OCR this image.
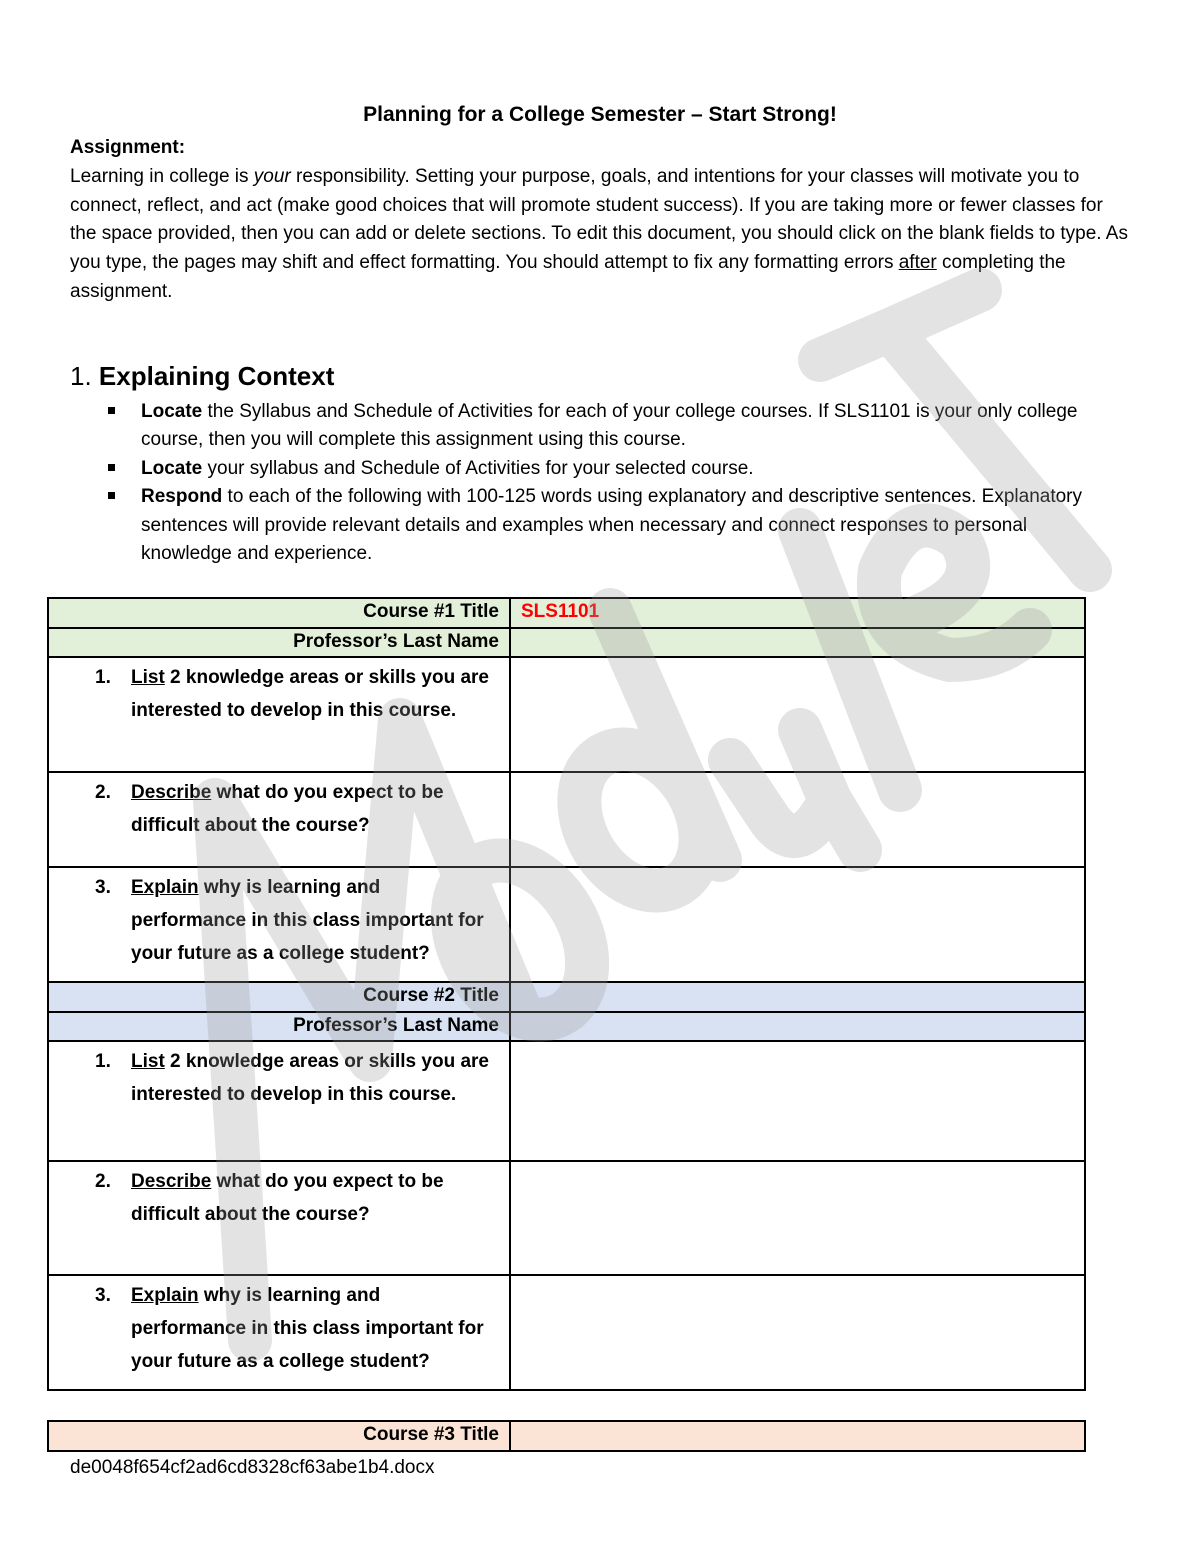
Planning for a College Semester – Start Strong!
Assignment:
Learning in college is your responsibility. Setting your purpose, goals, and intentions for your classes will motivate you to connect, reflect, and act (make good choices that will promote student success). If you are taking more or fewer classes for the space provided, then you can add or delete sections. To edit this document, you should click on the blank fields to type. As you type, the pages may shift and effect formatting. You should attempt to fix any formatting errors after completing the assignment.
1. Explaining Context
Locate the Syllabus and Schedule of Activities for each of your college courses. If SLS1101 is your only college course, then you will complete this assignment using this course.
Locate your syllabus and Schedule of Activities for your selected course.
Respond to each of the following with 100-125 words using explanatory and descriptive sentences. Explanatory sentences will provide relevant details and examples when necessary and connect responses to personal knowledge and experience.
Course #1 Title	SLS1101
Professor’s Last Name	

1. List 2 knowledge areas or skills you are interested to develop in this course.	

2. Describe what do you expect to be difficult about the course?	

3. Explain why is learning and performance in this class important for your future as a college student?	

Course #2 Title	
Professor’s Last Name	

1. List 2 knowledge areas or skills you are interested to develop in this course.	

2. Describe what do you expect to be difficult about the course?	

3. Explain why is learning and performance in this class important for your future as a college student?	

Course #3 Title	
de0048f654cf2ad6cd8328cf63abe1b4.docx
